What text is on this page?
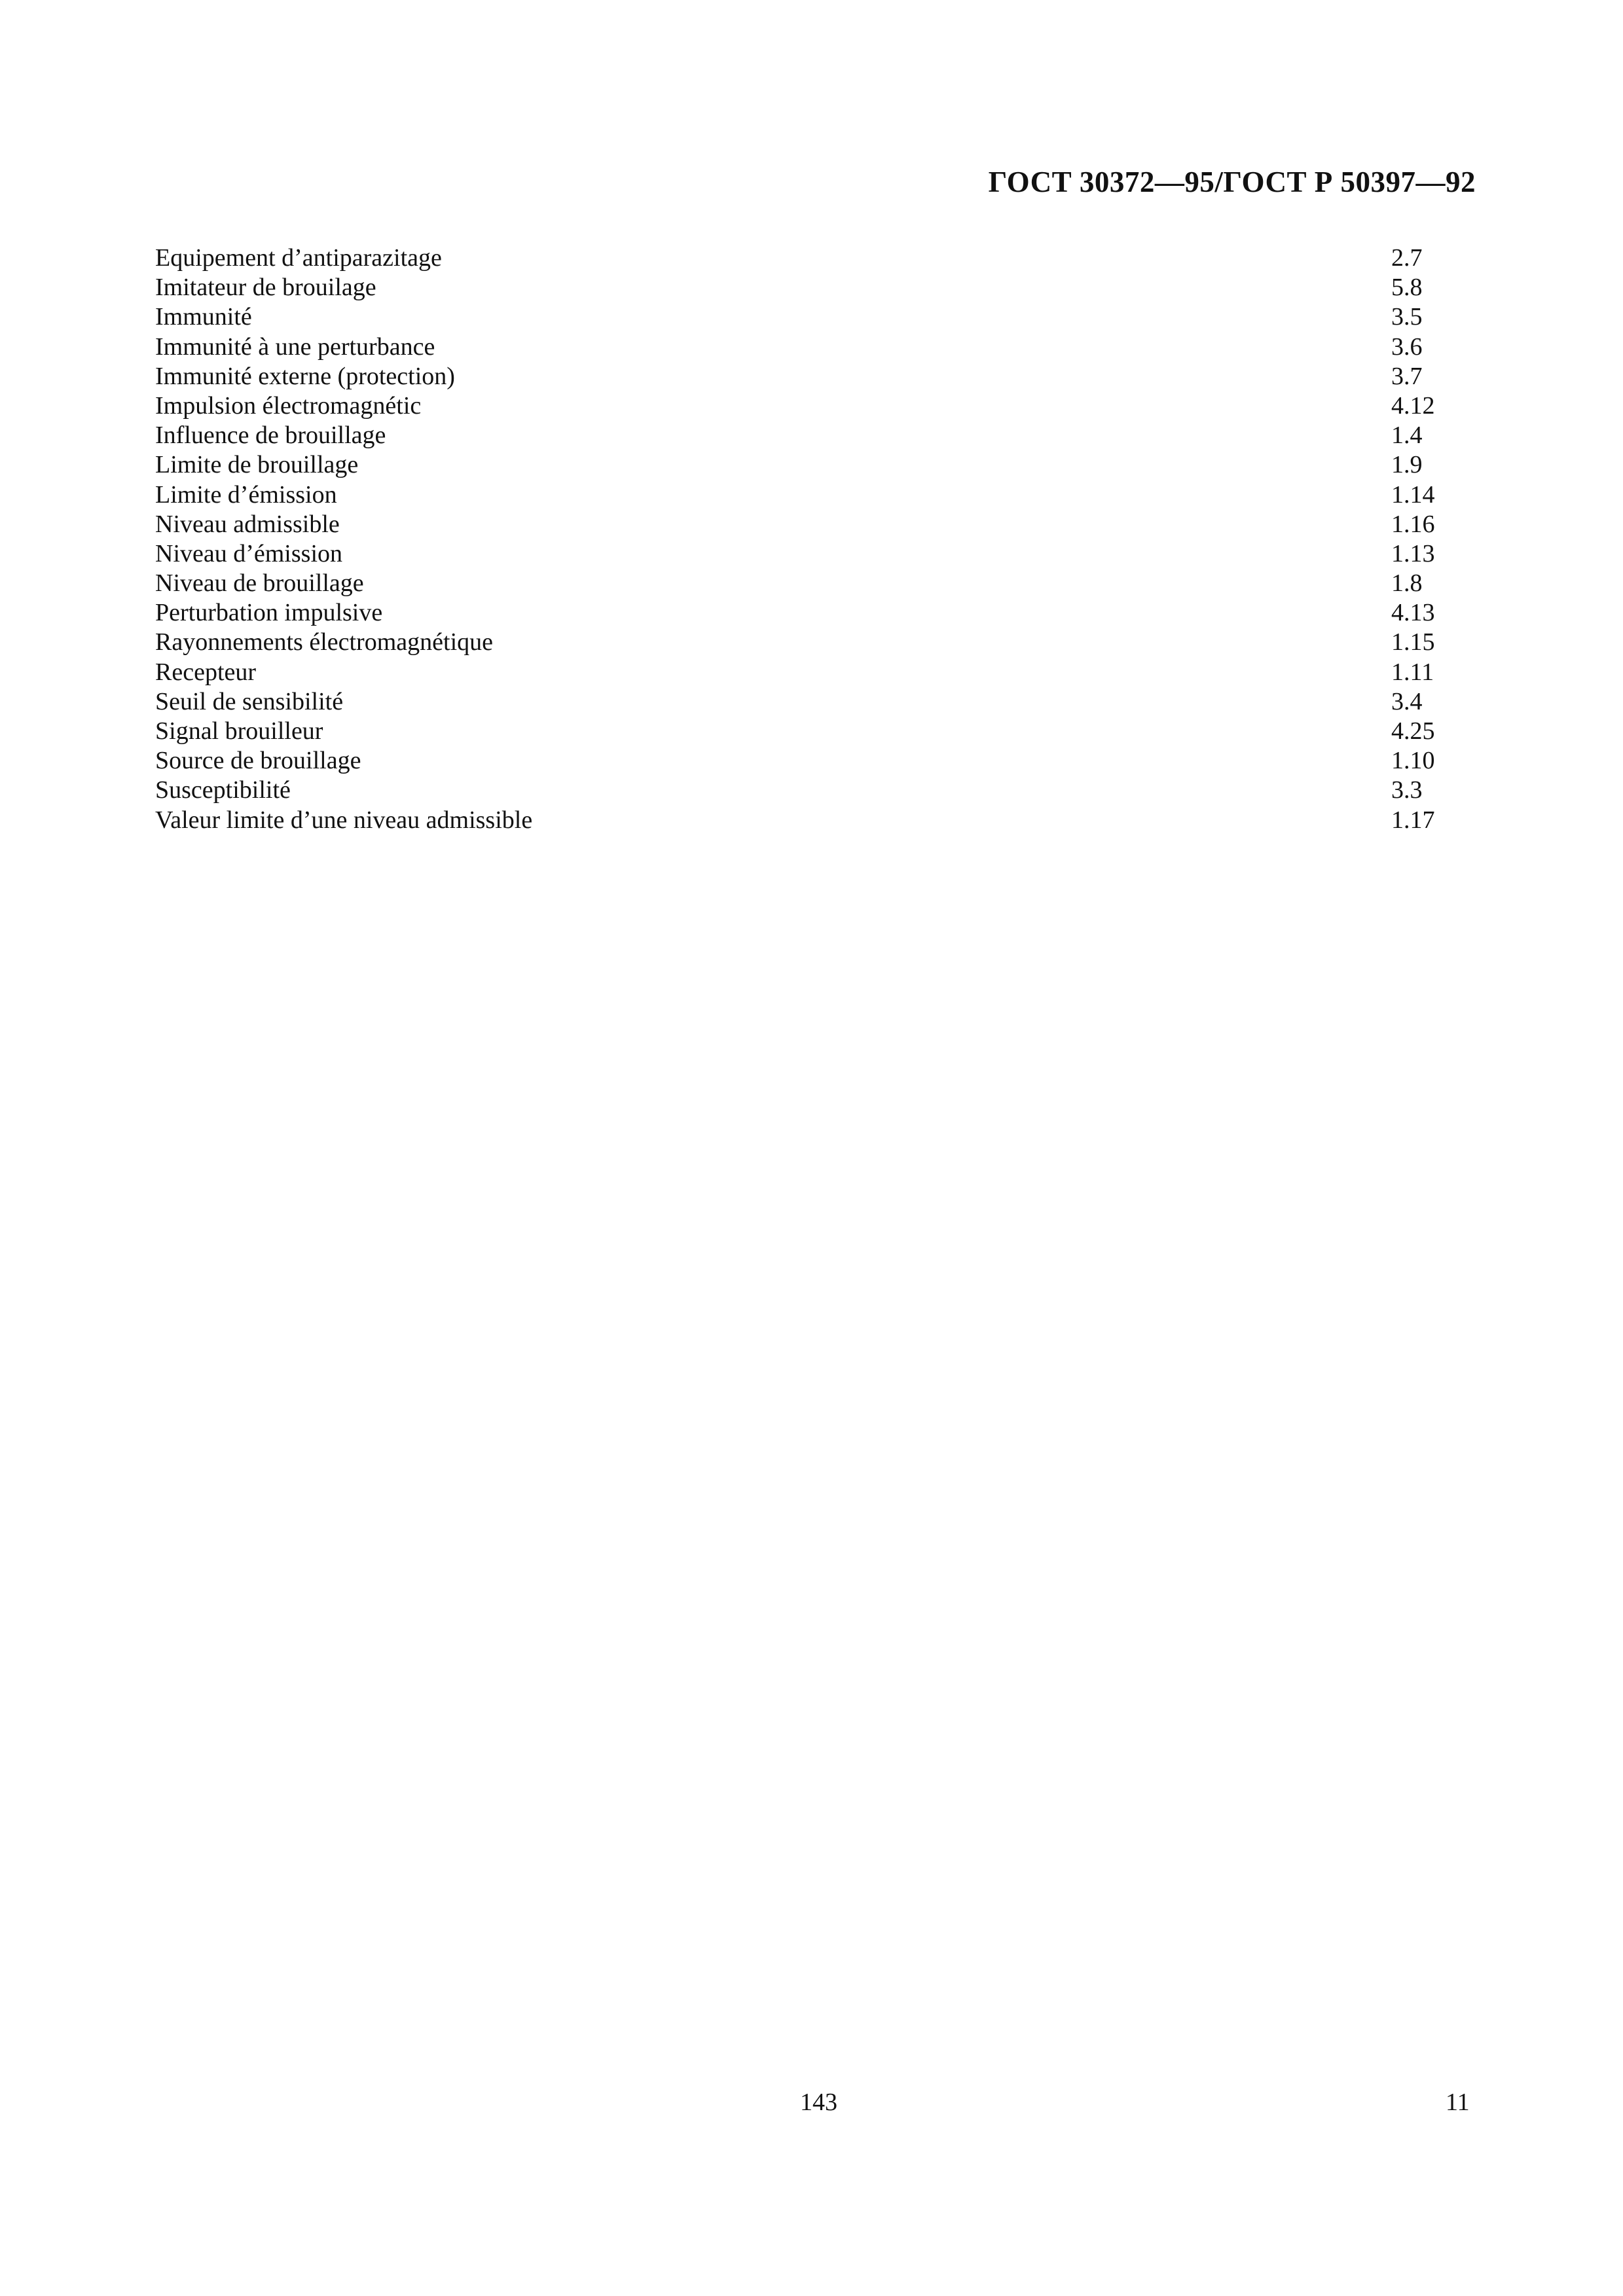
ГОСТ 30372—95/ГОСТ Р 50397—92
Equipement d’antiparazitage	2.7
Imitateur de brouilage	5.8
Immunité	3.5
Immunité à une perturbance	3.6
Immunité externe (protection)	3.7
Impulsion électromagnétic	4.12
Influence de brouillage	1.4
Limite de brouillage	1.9
Limite d’émission	1.14
Niveau admissible	1.16
Niveau d’émission	1.13
Niveau de brouillage	1.8
Perturbation impulsive	4.13
Rayonnements électromagnétique	1.15
Recepteur	1.11
Seuil de sensibilité	3.4
Signal brouilleur	4.25
Source de brouillage	1.10
Susceptibilité	3.3
Valeur limite d’une niveau admissible	1.17
143	11
